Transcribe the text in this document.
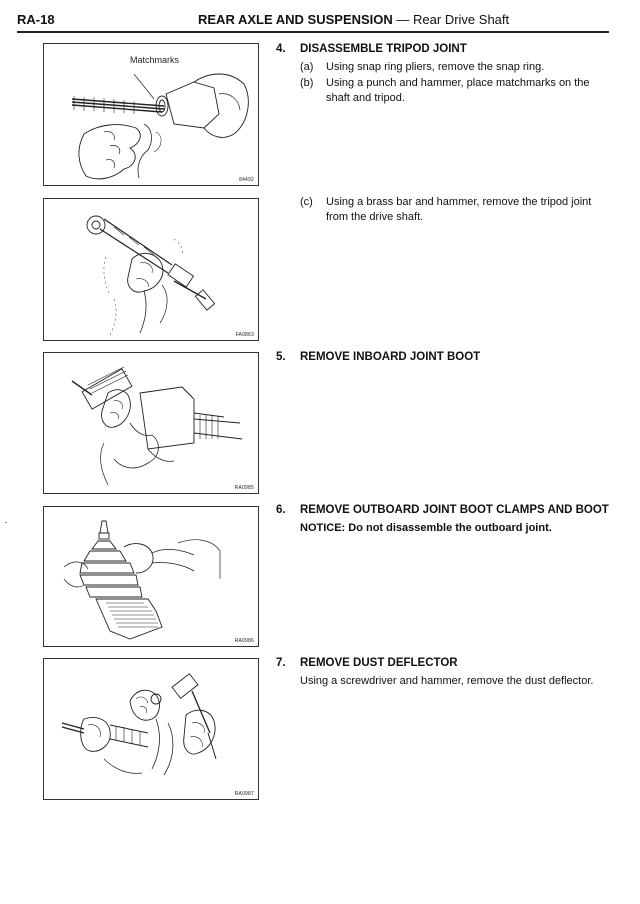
RA-18	REAR AXLE AND SUSPENSION — Rear Drive Shaft
Matchmarks
84492
FA0863
RA0985
RA0986
RA0987
4. DISASSEMBLE TRIPOD JOINT
(a) Using snap ring pliers, remove the snap ring.
(b) Using a punch and hammer, place matchmarks on the shaft and tripod.
(c) Using a brass bar and hammer, remove the tripod joint from the drive shaft.
5. REMOVE INBOARD JOINT BOOT
6. REMOVE OUTBOARD JOINT BOOT CLAMPS AND BOOT
NOTICE: Do not disassemble the outboard joint.
7. REMOVE DUST DEFLECTOR
Using a screwdriver and hammer, remove the dust deflector.
